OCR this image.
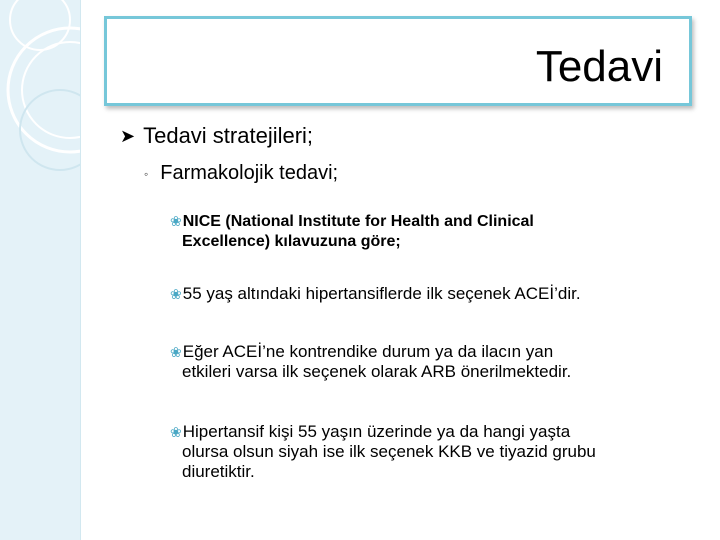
Tedavi
➤ Tedavi stratejileri;
◦ Farmakolojik tedavi;
❀NICE (National Institute for Health and Clinical
Excellence) kılavuzuna göre;
❀55 yaş altındaki hipertansiflerde ilk seçenek ACEİ’dir.
❀Eğer ACEİ’ne kontrendike durum ya da ilacın yan
etkileri varsa ilk seçenek olarak ARB önerilmektedir.
❀Hipertansif kişi 55 yaşın üzerinde ya da hangi yaşta
olursa olsun siyah ise ilk seçenek KKB ve tiyazid grubu
diuretiktir.
